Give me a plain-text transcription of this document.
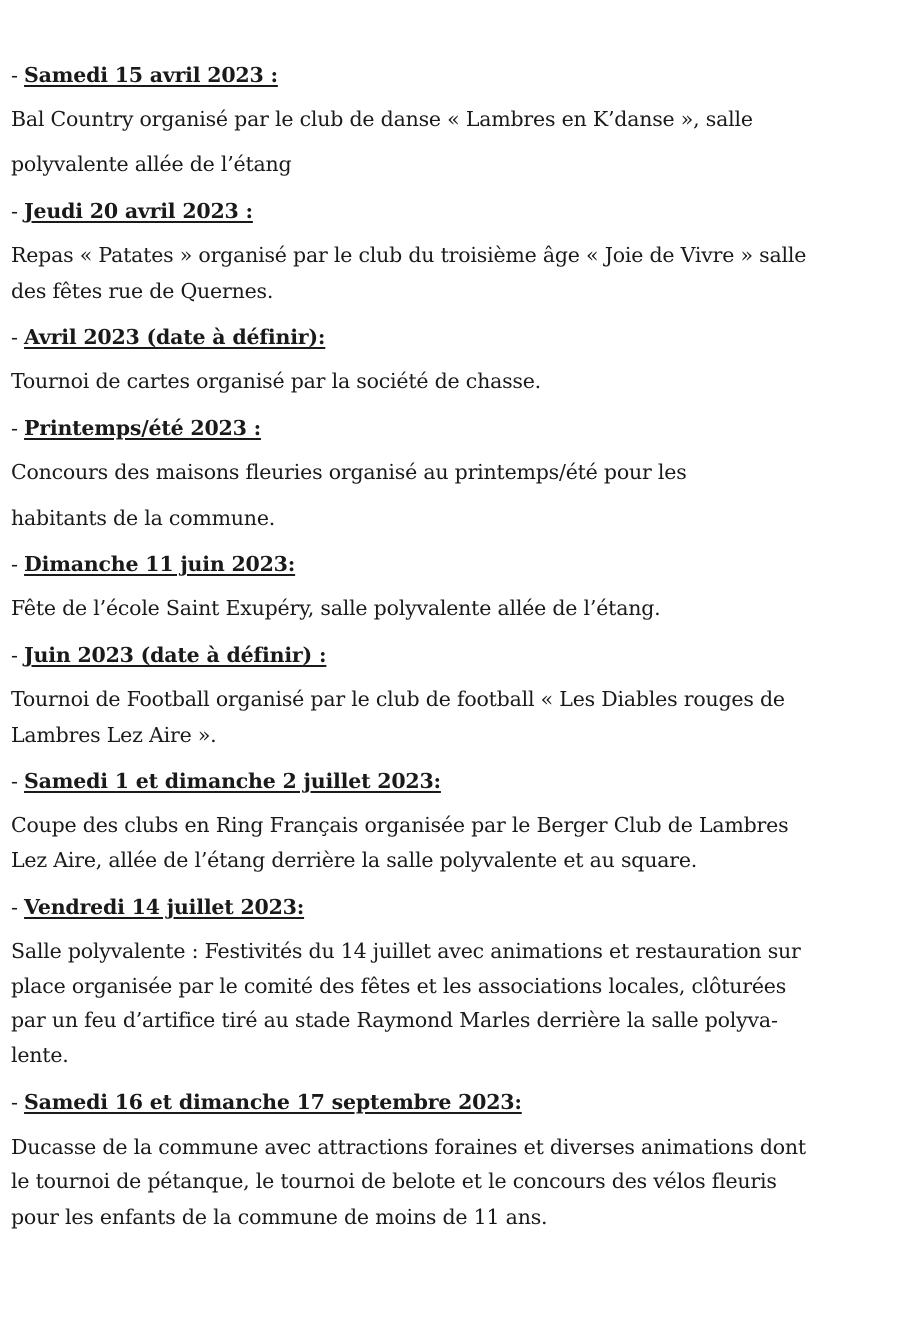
- Samedi 15 avril 2023 :
Bal Country organisé par le club de danse « Lambres en K’danse », salle
polyvalente allée de l’étang
- Jeudi 20 avril 2023 :
Repas « Patates » organisé par le club du troisième âge « Joie de Vivre » salle
des fêtes rue de Quernes.
- Avril 2023 (date à définir):
Tournoi de cartes organisé par la société de chasse.
- Printemps/été 2023 :
Concours des maisons fleuries organisé au printemps/été pour les
habitants de la commune.
- Dimanche 11 juin 2023:
Fête de l’école Saint Exupéry, salle polyvalente allée de l’étang.
- Juin 2023 (date à définir) :
Tournoi de Football organisé par le club de football « Les Diables rouges de
Lambres Lez Aire ».
- Samedi 1 et dimanche 2 juillet 2023:
Coupe des clubs en Ring Français organisée par le Berger Club de Lambres
Lez Aire, allée de l’étang derrière la salle polyvalente et au square.
- Vendredi 14 juillet 2023:
Salle polyvalente : Festivités du 14 juillet avec animations et restauration sur
place organisée par le comité des fêtes et les associations locales, clôturées
par un feu d’artifice tiré au stade Raymond Marles derrière la salle polyva-
lente.
- Samedi 16 et dimanche 17 septembre 2023:
Ducasse de la commune avec attractions foraines et diverses animations dont
le tournoi de pétanque, le tournoi de belote et le concours des vélos fleuris
pour les enfants de la commune de moins de 11 ans.
